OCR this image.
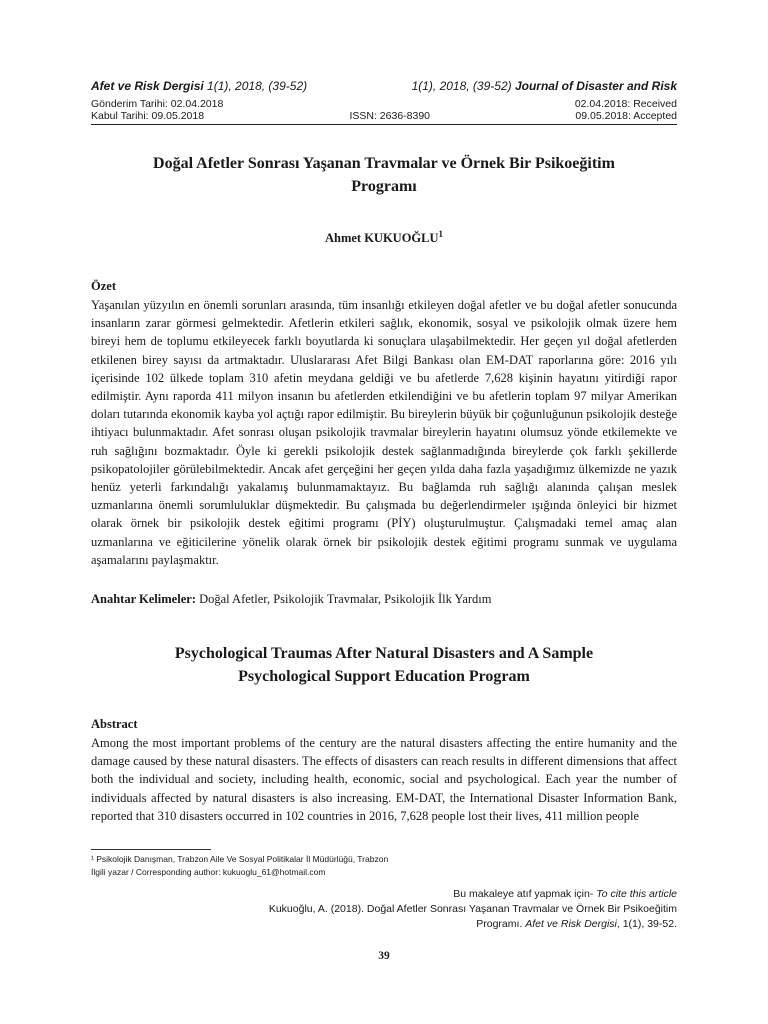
Afet ve Risk Dergisi 1(1), 2018, (39-52)	1(1), 2018, (39-52) Journal of Disaster and Risk
Gönderim Tarihi: 02.04.2018	02.04.2018: Received
Kabul Tarihi: 09.05.2018	ISSN: 2636-8390	09.05.2018: Accepted
Doğal Afetler Sonrası Yaşanan Travmalar ve Örnek Bir Psikoeğitim
Programı
Ahmet KUKUOĞLU$^1$
Özet
Yaşanılan yüzyılın en önemli sorunları arasında, tüm insanlığı etkileyen doğal afetler ve bu doğal afetler sonucunda insanların zarar görmesi gelmektedir. Afetlerin etkileri sağlık, ekonomik, sosyal ve psikolojik olmak üzere hem bireyi hem de toplumu etkileyecek farklı boyutlarda ki sonuçlara ulaşabilmektedir. Her geçen yıl doğal afetlerden etkilenen birey sayısı da artmaktadır. Uluslararası Afet Bilgi Bankası olan EM-DAT raporlarına göre: 2016 yılı içerisinde 102 ülkede toplam 310 afetin meydana geldiği ve bu afetlerde 7,628 kişinin hayatını yitirdiği rapor edilmiştir. Aynı raporda 411 milyon insanın bu afetlerden etkilendiğini ve bu afetlerin toplam 97 milyar Amerikan doları tutarında ekonomik kayba yol açtığı rapor edilmiştir. Bu bireylerin büyük bir çoğunluğunun psikolojik desteğe ihtiyacı bulunmaktadır. Afet sonrası oluşan psikolojik travmalar bireylerin hayatını olumsuz yönde etkilemekte ve ruh sağlığını bozmaktadır. Öyle ki gerekli psikolojik destek sağlanmadığında bireylerde çok farklı şekillerde psikopatolojiler görülebilmektedir. Ancak afet gerçeğini her geçen yılda daha fazla yaşadığımız ülkemizde ne yazık henüz yeterli farkındalığı yakalamış bulunmamaktayız. Bu bağlamda ruh sağlığı alanında çalışan meslek uzmanlarına önemli sorumluluklar düşmektedir. Bu çalışmada bu değerlendirmeler ışığında önleyici bir hizmet olarak örnek bir psikolojik destek eğitimi programı (PİY) oluşturulmuştur. Çalışmadaki temel amaç alan uzmanlarına ve eğiticilerine yönelik olarak örnek bir psikolojik destek eğitimi programı sunmak ve uygulama aşamalarını paylaşmaktır.
Anahtar Kelimeler: Doğal Afetler, Psikolojik Travmalar, Psikolojik İlk Yardım
Psychological Traumas After Natural Disasters and A Sample
Psychological Support Education Program
Abstract
Among the most important problems of the century are the natural disasters affecting the entire humanity and the damage caused by these natural disasters. The effects of disasters can reach results in different dimensions that affect both the individual and society, including health, economic, social and psychological. Each year the number of individuals affected by natural disasters is also increasing. EM-DAT, the International Disaster Information Bank, reported that 310 disasters occurred in 102 countries in 2016, 7,628 people lost their lives, 411 million people
¹ Psikolojik Danışman, Trabzon Aile Ve Sosyal Politikalar İl Müdürlüğü, Trabzon
İlgili yazar / Corresponding author: kukuoglu_61@hotmail.com
Bu makaleye atıf yapmak için- To cite this article
Kukuoğlu, A. (2018). Doğal Afetler Sonrası Yaşanan Travmalar ve Örnek Bir Psikoeğitim
Programı. Afet ve Risk Dergisi, 1(1), 39-52.
39
